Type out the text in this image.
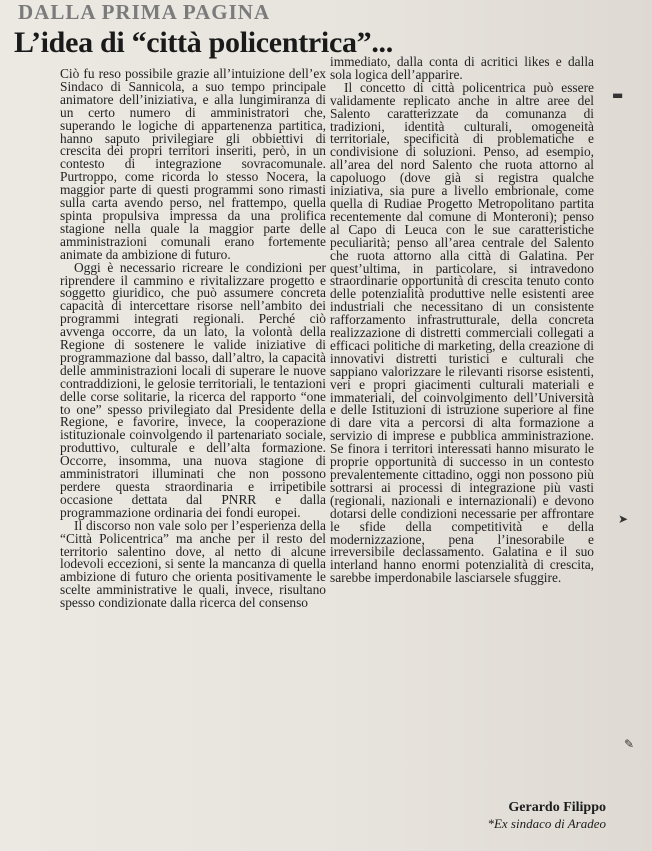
DALLA PRIMA PAGINA
L’idea di “città policentrica”...

Ciò fu reso possibile grazie all’intuizione dell’ex Sindaco di Sannicola, a suo tempo principale animatore dell’iniziativa, e alla lungimiranza di un certo numero di amministratori che, superando le logiche di appartenenza partitica, hanno saputo privilegiare gli obbiettivi di crescita dei propri territori inseriti, però, in un contesto di integrazione sovracomunale. Purtroppo, come ricorda lo stesso Nocera, la maggior parte di questi programmi sono rimasti sulla carta avendo perso, nel frattempo, quella spinta propulsiva impressa da una prolifica stagione nella quale la maggior parte delle amministrazioni comunali erano fortemente animate da ambizione di futuro.

Oggi è necessario ricreare le condizioni per riprendere il cammino e rivitalizzare progetto e soggetto giuridico, che può assumere concreta capacità di intercettare risorse nell’ambito dei programmi integrati regionali. Perché ciò avvenga occorre, da un lato, la volontà della Regione di sostenere le valide iniziative di programmazione dal basso, dall’altro, la capacità delle amministrazioni locali di superare le nuove contraddizioni, le gelosie territoriali, le tentazioni delle corse solitarie, la ricerca del rapporto “one to one” spesso privilegiato dal Presidente della Regione, e favorire, invece, la cooperazione istituzionale coinvolgendo il partenariato sociale, produttivo, culturale e dell’alta formazione. Occorre, insomma, una nuova stagione di amministratori illuminati che non possono perdere questa straordinaria e irripetibile occasione dettata dal PNRR e dalla programmazione ordinaria dei fondi europei.

Il discorso non vale solo per l’esperienza della “Città Policentrica” ma anche per il resto del territorio salentino dove, al netto di alcune lodevoli eccezioni, si sente la mancanza di quella ambizione di futuro che orienta positivamente le scelte amministrative le quali, invece, risultano spesso condizionate dalla ricerca del consenso

immediato, dalla conta di acritici likes e dalla sola logica dell’apparire.

Il concetto di città policentrica può essere validamente replicato anche in altre aree del Salento caratterizzate da comunanza di tradizioni, identità culturali, omogeneità territoriale, specificità di problematiche e condivisione di soluzioni. Penso, ad esempio, all’area del nord Salento che ruota attorno al capoluogo (dove già si registra qualche iniziativa, sia pure a livello embrionale, come quella di Rudiae Progetto Metropolitano partita recentemente dal comune di Monteroni); penso al Capo di Leuca con le sue caratteristiche peculiarità; penso all’area centrale del Salento che ruota attorno alla città di Galatina. Per quest’ultima, in particolare, si intravedono straordinarie opportunità di crescita tenuto conto delle potenzialità produttive nelle esistenti aree industriali che necessitano di un consistente rafforzamento infrastrutturale, della concreta realizzazione di distretti commerciali collegati a efficaci politiche di marketing, della creazione di innovativi distretti turistici e culturali che sappiano valorizzare le rilevanti risorse esistenti, veri e propri giacimenti culturali materiali e immateriali, del coinvolgimento dell’Università e delle Istituzioni di istruzione superiore al fine di dare vita a percorsi di alta formazione a servizio di imprese e pubblica amministrazione. Se finora i territori interessati hanno misurato le proprie opportunità di successo in un contesto prevalentemente cittadino, oggi non possono più sottrarsi ai processi di integrazione più vasti (regionali, nazionali e internazionali) e devono dotarsi delle condizioni necessarie per affrontare le sfide della competitività e della modernizzazione, pena l’inesorabile e irreversibile declassamento. Galatina e il suo interland hanno enormi potenzialità di crescita, sarebbe imperdonabile lasciarsele sfuggire.

Gerardo Filippo
*Ex sindaco di Aradeo
▬
➤
✎
